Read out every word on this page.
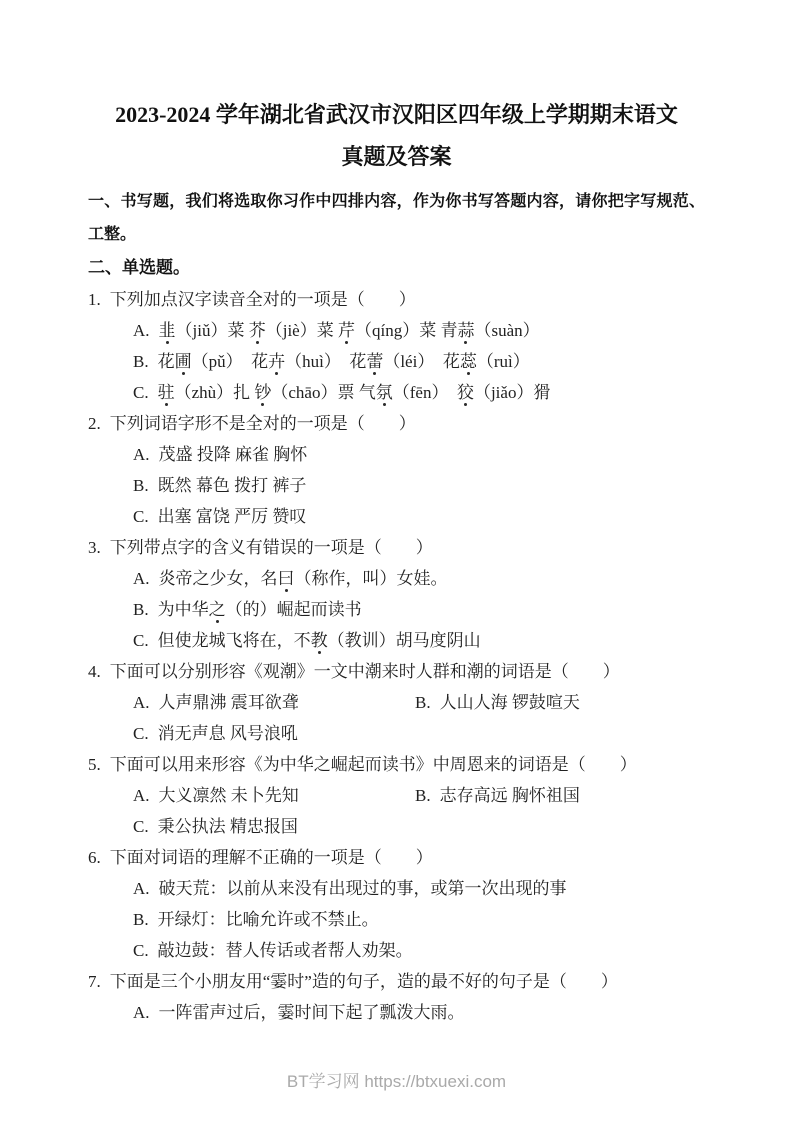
2023-2024 学年湖北省武汉市汉阳区四年级上学期期末语文
真题及答案
一、书写题，我们将选取你习作中四排内容，作为你书写答题内容，请你把字写规范、工整。
二、单选题。
1. 下列加点汉字读音全对的一项是（　　）
A. 韭（jiǔ）菜 芥（jiè）菜 芹（qíng）菜 青蒜（suàn）
B. 花圃（pǔ）　花卉（huì）　花蕾（léi）　花蕊（ruì）
C. 驻（zhù）扎 钞（chāo）票 气氛（fēn）　狡（jiǎo）猾
2. 下列词语字形不是全对的一项是（　　）
A. 茂盛 投降 麻雀 胸怀
B. 既然 幕色 拨打 裤子
C. 出塞 富饶 严厉 赞叹
3. 下列带点字的含义有错误的一项是（　　）
A. 炎帝之少女，名曰（称作，叫）女娃。
B. 为中华之（的）崛起而读书
C. 但使龙城飞将在，不教（教训）胡马度阴山
4. 下面可以分别形容《观潮》一文中潮来时人群和潮的词语是（　　）
A. 人声鼎沸 震耳欲聋	B. 人山人海 锣鼓喧天
C. 消无声息 风号浪吼
5. 下面可以用来形容《为中华之崛起而读书》中周恩来的词语是（　　）
A. 大义凛然 未卜先知	B. 志存高远 胸怀祖国
C. 秉公执法 精忠报国
6. 下面对词语的理解不正确的一项是（　　）
A. 破天荒：以前从来没有出现过的事，或第一次出现的事
B. 开绿灯：比喻允许或不禁止。
C. 敲边鼓：替人传话或者帮人劝架。
7. 下面是三个小朋友用“霎时”造的句子，造的最不好的句子是（　　）
A. 一阵雷声过后，霎时间下起了瓢泼大雨。
BT学习网 https://btxuexi.com
